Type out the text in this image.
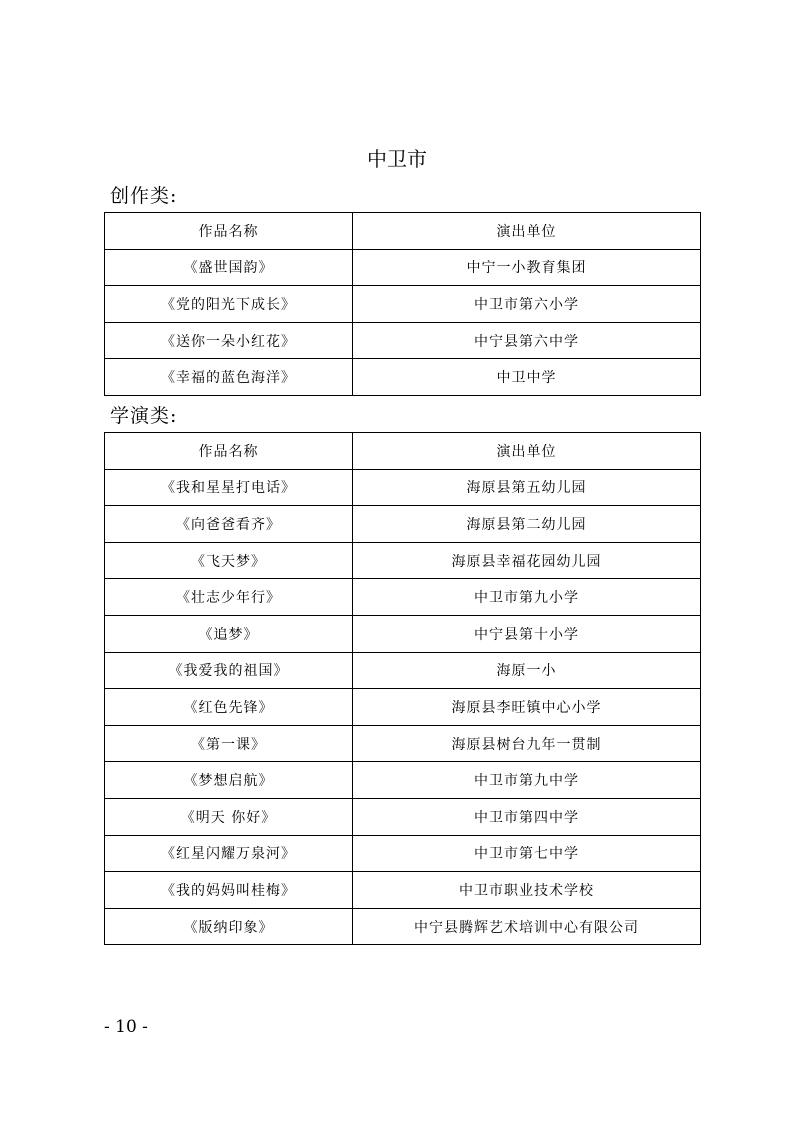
中卫市
创作类:
作品名称	演出单位
《盛世国韵》	中宁一小教育集团
《党的阳光下成长》	中卫市第六小学
《送你一朵小红花》	中宁县第六中学
《幸福的蓝色海洋》	中卫中学
学演类:
作品名称	演出单位
《我和星星打电话》	海原县第五幼儿园
《向爸爸看齐》	海原县第二幼儿园
《飞天梦》	海原县幸福花园幼儿园
《壮志少年行》	中卫市第九小学
《追梦》	中宁县第十小学
《我爱我的祖国》	海原一小
《红色先锋》	海原县李旺镇中心小学
《第一课》	海原县树台九年一贯制
《梦想启航》	中卫市第九中学
《明天 你好》	中卫市第四中学
《红星闪耀万泉河》	中卫市第七中学
《我的妈妈叫桂梅》	中卫市职业技术学校
《版纳印象》	中宁县腾辉艺术培训中心有限公司
- 10 -
